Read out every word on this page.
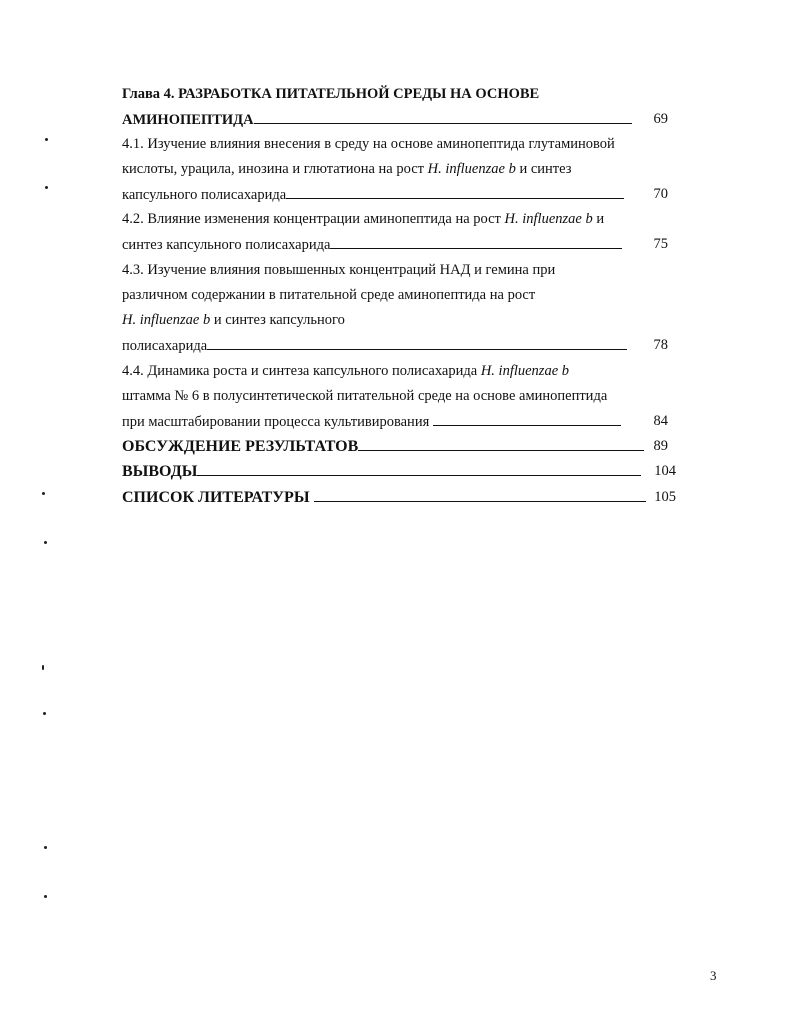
Глава 4. РАЗРАБОТКА ПИТАТЕЛЬНОЙ СРЕДЫ НА ОСНОВЕ
АМИНОПЕПТИДА	69
4.1. Изучение влияния внесения в среду на основе аминопептида глутаминовой
кислоты, урацила, инозина и глютатиона на рост H. influenzae b и синтез
капсульного полисахарида	70
4.2. Влияние изменения концентрации аминопептида на рост H. influenzae b и
синтез капсульного полисахарида	75
4.3. Изучение влияния повышенных концентраций НАД и гемина при
различном содержании в питательной среде аминопептида на рост
H. influenzae b и синтез капсульного
полисахарида	78
4.4. Динамика роста и синтеза капсульного полисахарида H. influenzae b
штамма № 6 в полусинтетической питательной среде на основе аминопептида
при масштабировании процесса культивирования	84
ОБСУЖДЕНИЕ РЕЗУЛЬТАТОВ	89
ВЫВОДЫ	104
СПИСОК ЛИТЕРАТУРЫ	105
3
